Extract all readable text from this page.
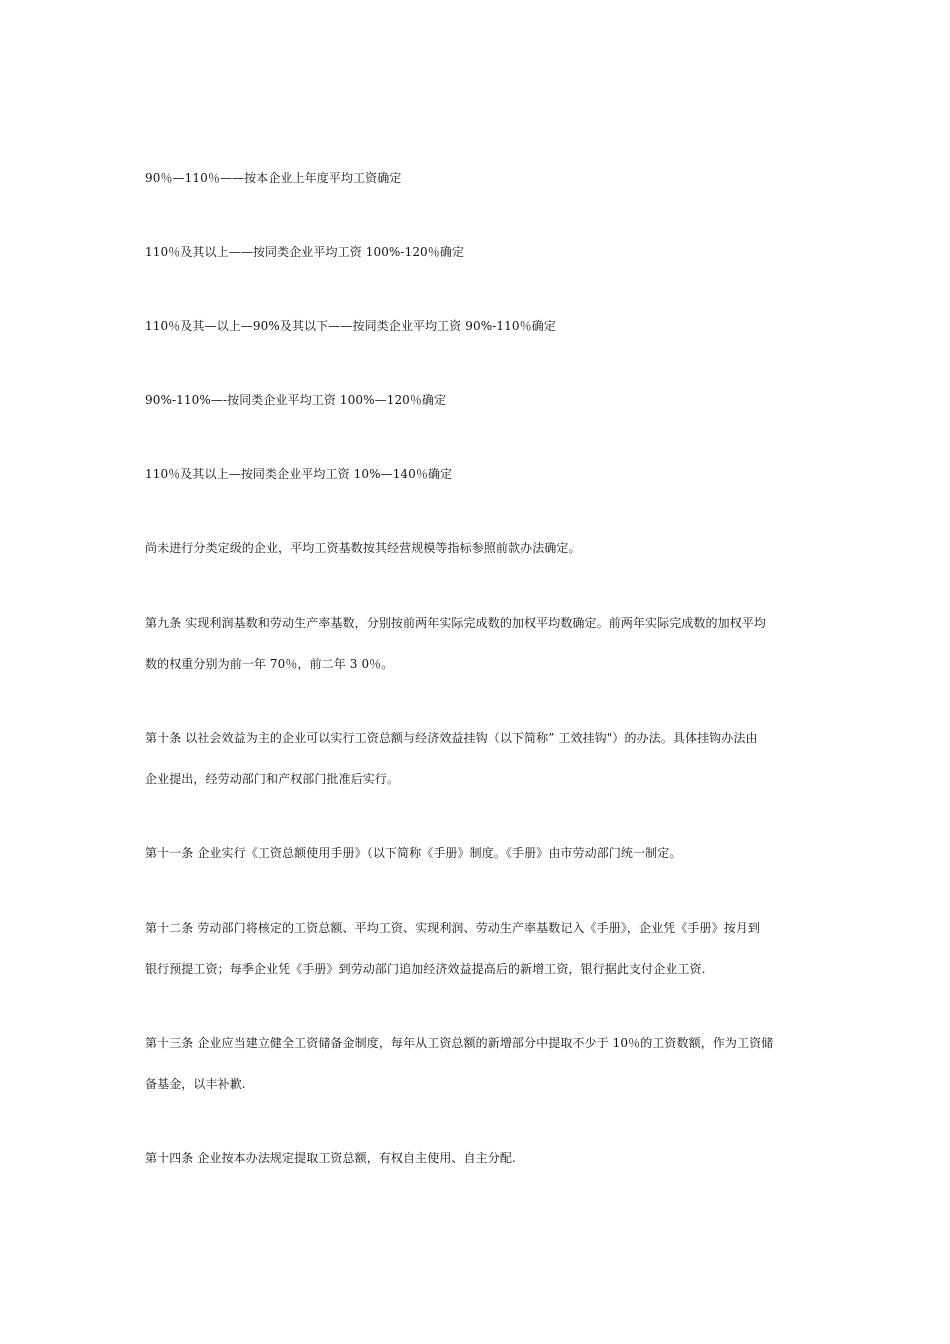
90％—110％——按本企业上年度平均工资确定
110％及其以上——按同类企业平均工资 100%-120％确定
110％及其—以上—90%及其以下——按同类企业平均工资 90%-110％确定
90%-110%—-按同类企业平均工资 100%—120％确定
110％及其以上—按同类企业平均工资 10%—140％确定
尚未进行分类定级的企业，平均工资基数按其经营规模等指标参照前款办法确定。
第九条 实现利润基数和劳动生产率基数，分别按前两年实际完成数的加权平均数确定。前两年实际完成数的加权平均
数的权重分别为前一年 70％，前二年 3 0％。
第十条 以社会效益为主的企业可以实行工资总额与经济效益挂钩（以下简称” 工效挂钩"）的办法。具体挂钩办法由
企业提出，经劳动部门和产权部门批准后实行。
第十一条 企业实行《工资总额使用手册》（以下简称《手册》制度。《手册》由市劳动部门统一制定。
第十二条 劳动部门将核定的工资总额、平均工资、实现利润、劳动生产率基数记入《手册》，企业凭《手册》按月到
银行预提工资；每季企业凭《手册》到劳动部门追加经济效益提高后的新增工资，银行据此支付企业工资.
第十三条 企业应当建立健全工资储备金制度，每年从工资总额的新增部分中提取不少于 10％的工资数额，作为工资储
备基金，以丰补歉.
第十四条 企业按本办法规定提取工资总额，有权自主使用、自主分配.
